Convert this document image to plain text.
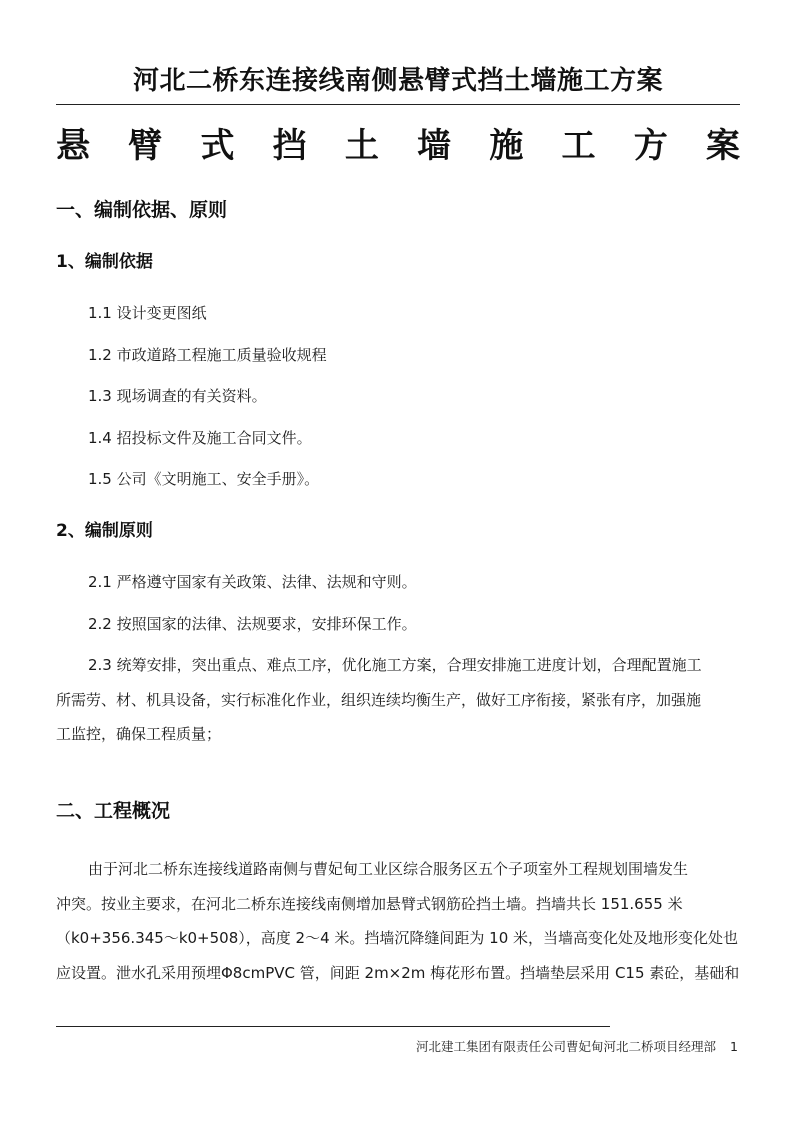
河北二桥东连接线南侧悬臂式挡土墙施工方案
悬 臂 式 挡 土 墙 施 工 方 案
一、编制依据、原则
1、编制依据
1.1 设计变更图纸
1.2 市政道路工程施工质量验收规程
1.3 现场调查的有关资料。
1.4 招投标文件及施工合同文件。
1.5 公司《文明施工、安全手册》。
2、编制原则
2.1 严格遵守国家有关政策、法律、法规和守则。
2.2 按照国家的法律、法规要求，安排环保工作。
2.3 统筹安排，突出重点、难点工序，优化施工方案，合理安排施工进度计划，合理配置施工
所需劳、材、机具设备，实行标准化作业，组织连续均衡生产，做好工序衔接，紧张有序，加强施
工监控，确保工程质量；
二、工程概况
由于河北二桥东连接线道路南侧与曹妃甸工业区综合服务区五个子项室外工程规划围墙发生
冲突。按业主要求，在河北二桥东连接线南侧增加悬臂式钢筋砼挡土墙。挡墙共长 151.655 米
（k0+356.345～k0+508），高度 2～4 米。挡墙沉降缝间距为 10 米，当墙高变化处及地形变化处也
应设置。泄水孔采用预埋Φ8cmPVC 管，间距 2m×2m 梅花形布置。挡墙垫层采用 C15 素砼，基础和
河北建工集团有限责任公司曹妃甸河北二桥项目经理部 1
